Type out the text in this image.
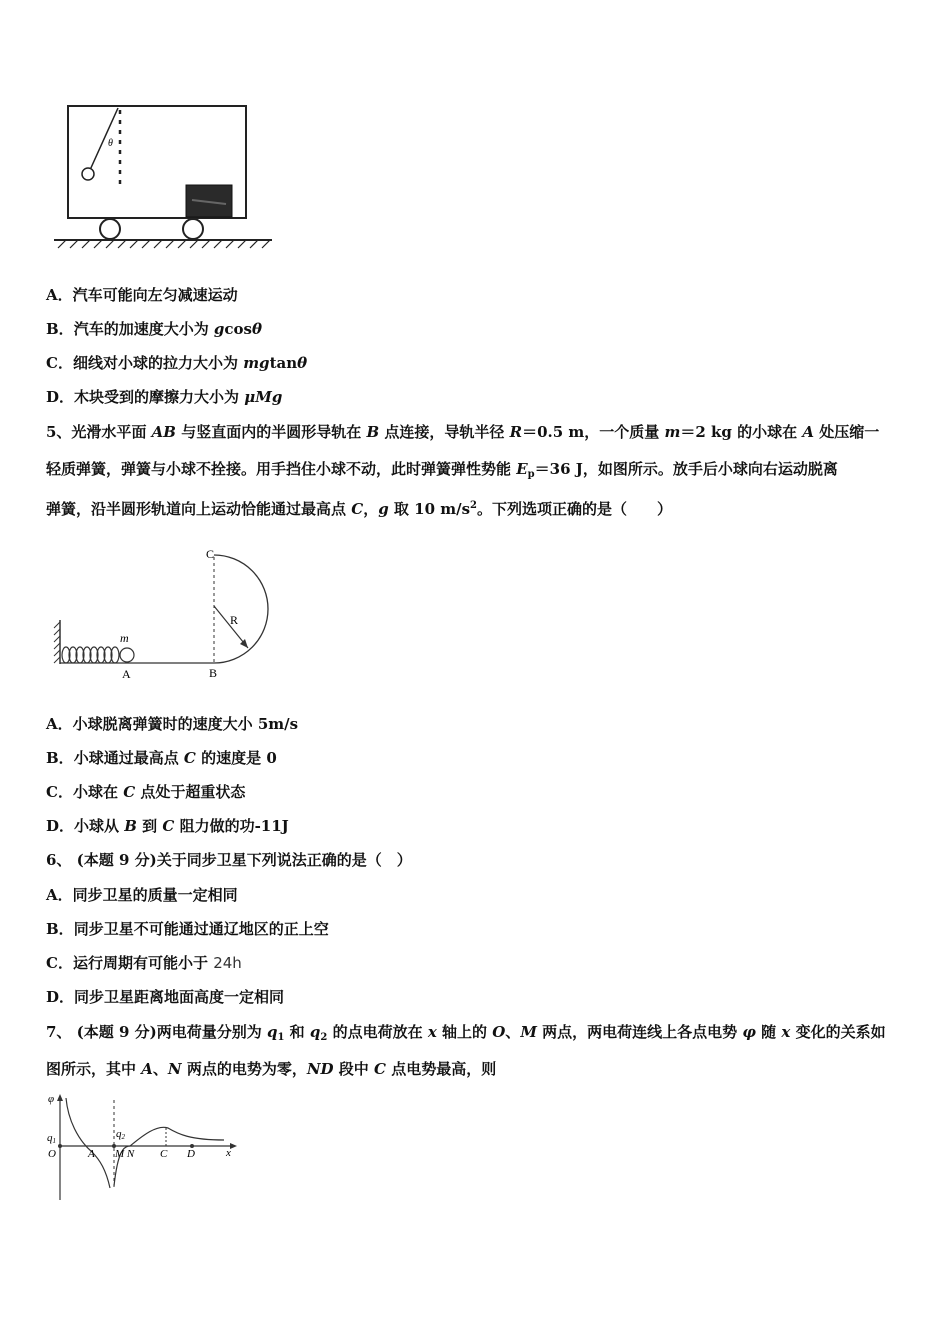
θ
A．汽车可能向左匀减速运动
B．汽车的加速度大小为 gcosθ
C．细线对小球的拉力大小为 mgtanθ
D．木块受到的摩擦力大小为 μMg
5、光滑水平面 AB 与竖直面内的半圆形导轨在 B 点连接，导轨半径 R＝0.5 m，一个质量 m＝2 kg 的小球在 A 处压缩一
轻质弹簧，弹簧与小球不拴接。用手挡住小球不动，此时弹簧弹性势能 $E_p=36$ J，如图所示。放手后小球向右运动脱离
弹簧，沿半圆形轨道向上运动恰能通过最高点 C，g 取 10 $m/s^2$。下列选项正确的是（　　）
m
R
C
A	B
A．小球脱离弹簧时的速度大小 5m/s
B．小球通过最高点 C 的速度是 0
C．小球在 C 点处于超重状态
D．小球从 B 到 C 阻力做的功-11J
6、 (本题 9 分)关于同步卫星下列说法正确的是（　）
A．同步卫星的质量一定相同
B．同步卫星不可能通过通辽地区的正上空
C．运行周期有可能小于 24h
D．同步卫星距离地面高度一定相同
7、 (本题 9 分)两电荷量分别为 $q_1$ 和 $q_2$ 的点电荷放在 x 轴上的 O、M 两点，两电荷连线上各点电势 φ 随 x 变化的关系如
图所示，其中 A、N 两点的电势为零，ND 段中 C 点电势最高，则
φ
q1
q2
O	A M N C D	x
